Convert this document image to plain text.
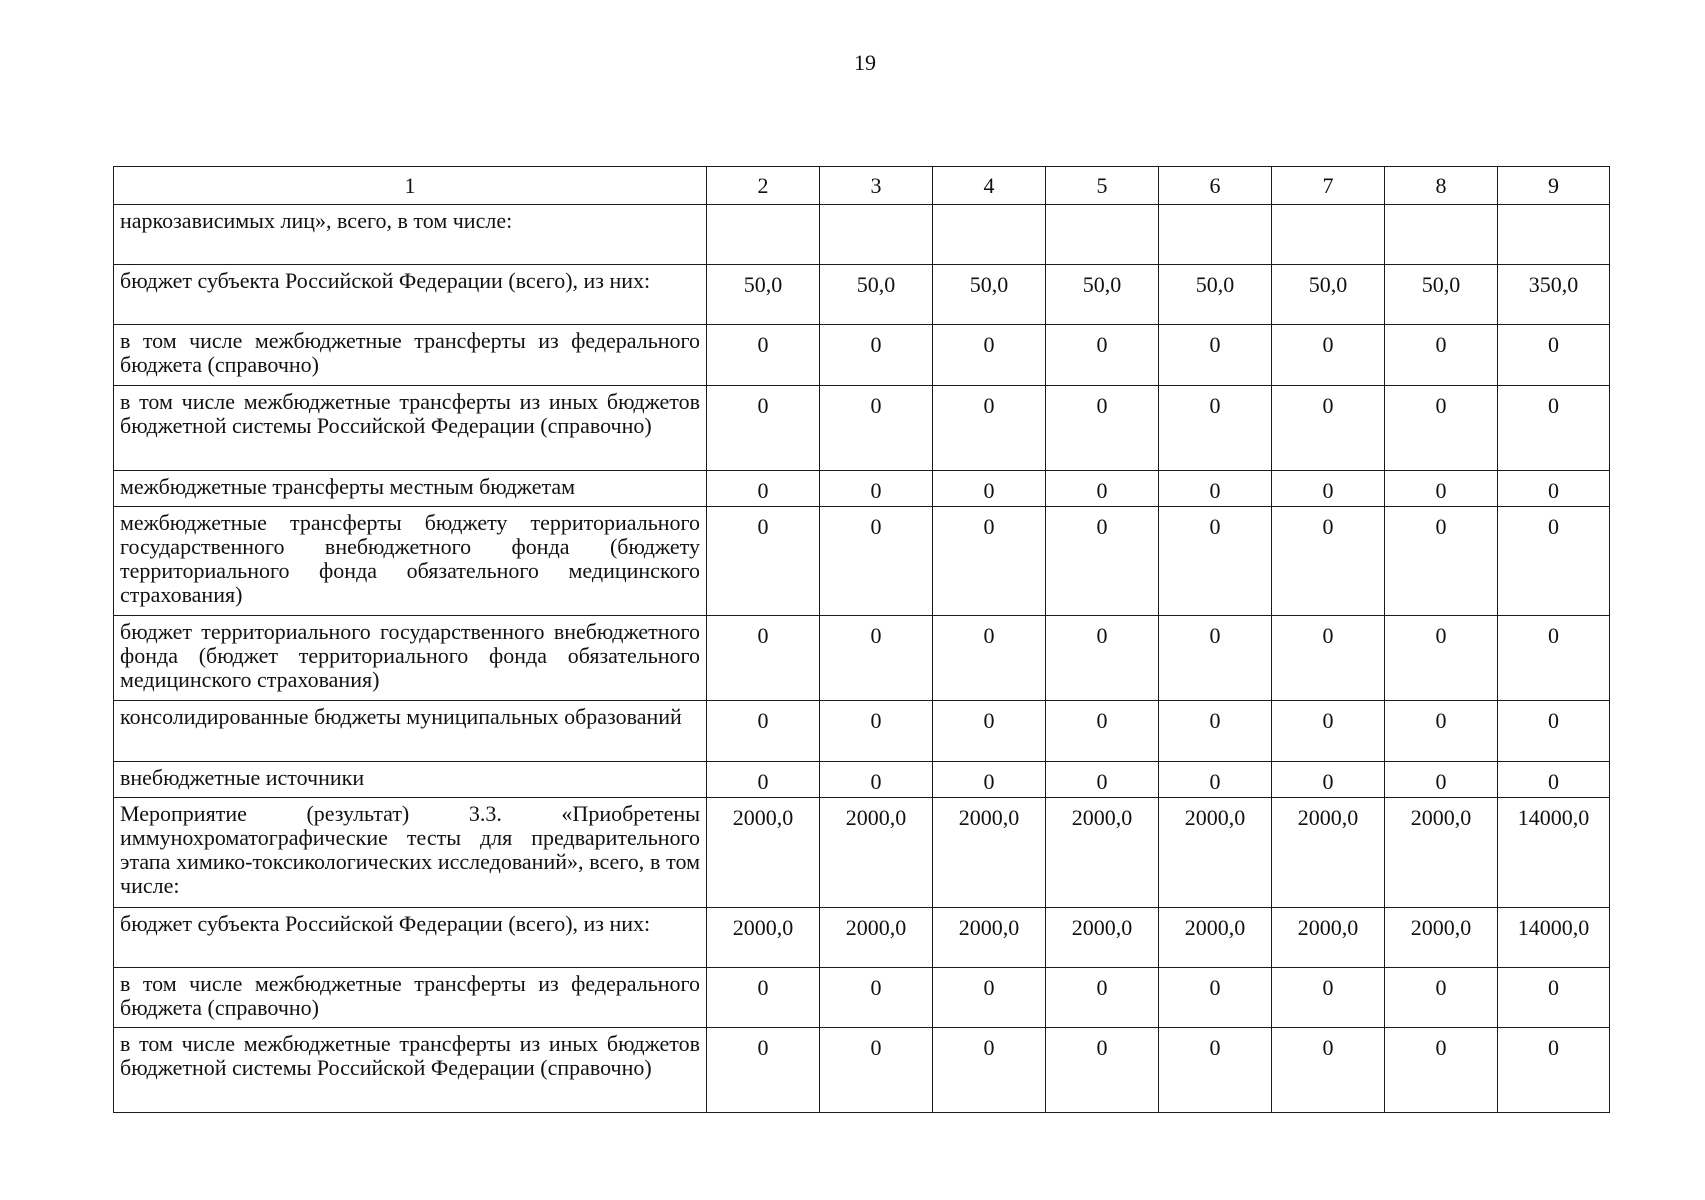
19
1	2	3	4	5	6	7	8	9
наркозависимых лиц», всего, в том числе:								
бюджет субъекта Российской Федерации (всего), из них:	50,0	50,0	50,0	50,0	50,0	50,0	50,0	350,0
в том числе межбюджетные трансферты из федерального бюджета (справочно)	0	0	0	0	0	0	0	0
в том числе межбюджетные трансферты из иных бюджетов бюджетной системы Российской Федерации (справочно)	0	0	0	0	0	0	0	0
межбюджетные трансферты местным бюджетам	0	0	0	0	0	0	0	0
межбюджетные трансферты бюджету территориального государственного внебюджетного фонда (бюджету территориального фонда обязательного медицинского страхования)	0	0	0	0	0	0	0	0
бюджет территориального государственного внебюджетного фонда (бюджет территориального фонда обязательного медицинского страхования)	0	0	0	0	0	0	0	0
консолидированные бюджеты муниципальных образований	0	0	0	0	0	0	0	0
внебюджетные источники	0	0	0	0	0	0	0	0
Мероприятие (результат) 3.3. «Приобретены иммунохроматографические тесты для предварительного этапа химико-токсикологических исследований», всего, в том числе:	2000,0	2000,0	2000,0	2000,0	2000,0	2000,0	2000,0	14000,0
бюджет субъекта Российской Федерации (всего), из них:	2000,0	2000,0	2000,0	2000,0	2000,0	2000,0	2000,0	14000,0
в том числе межбюджетные трансферты из федерального бюджета (справочно)	0	0	0	0	0	0	0	0
в том числе межбюджетные трансферты из иных бюджетов бюджетной системы Российской Федерации (справочно)	0	0	0	0	0	0	0	0
